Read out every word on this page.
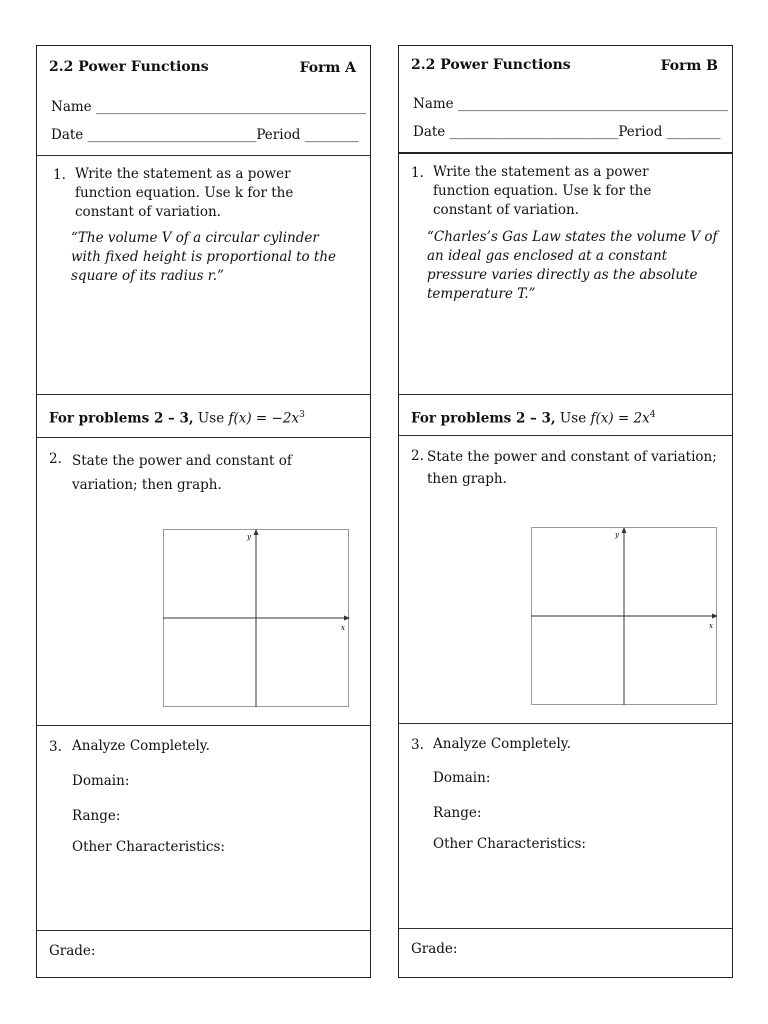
2.2 Power Functions	Form A
Name ________________________________________
Date _________________________Period ________
1. Write the statement as a power function equation. Use k for the constant of variation.
“The volume V of a circular cylinder with fixed height is proportional to the square of its radius r.”
For problems 2 – 3, Use $f(x) = -2x^3$
2. State the power and constant of variation; then graph.
y
x
3. Analyze Completely.
Domain:
Range:
Other Characteristics:
Grade:
2.2 Power Functions	Form B
Name ________________________________________
Date _________________________Period ________
1. Write the statement as a power function equation. Use k for the constant of variation.
“Charles’s Gas Law states the volume V of an ideal gas enclosed at a constant pressure varies directly as the absolute temperature T.”
For problems 2 – 3, Use $f(x) = 2x^4$
2. State the power and constant of variation; then graph.
y
x
3. Analyze Completely.
Domain:
Range:
Other Characteristics:
Grade:
